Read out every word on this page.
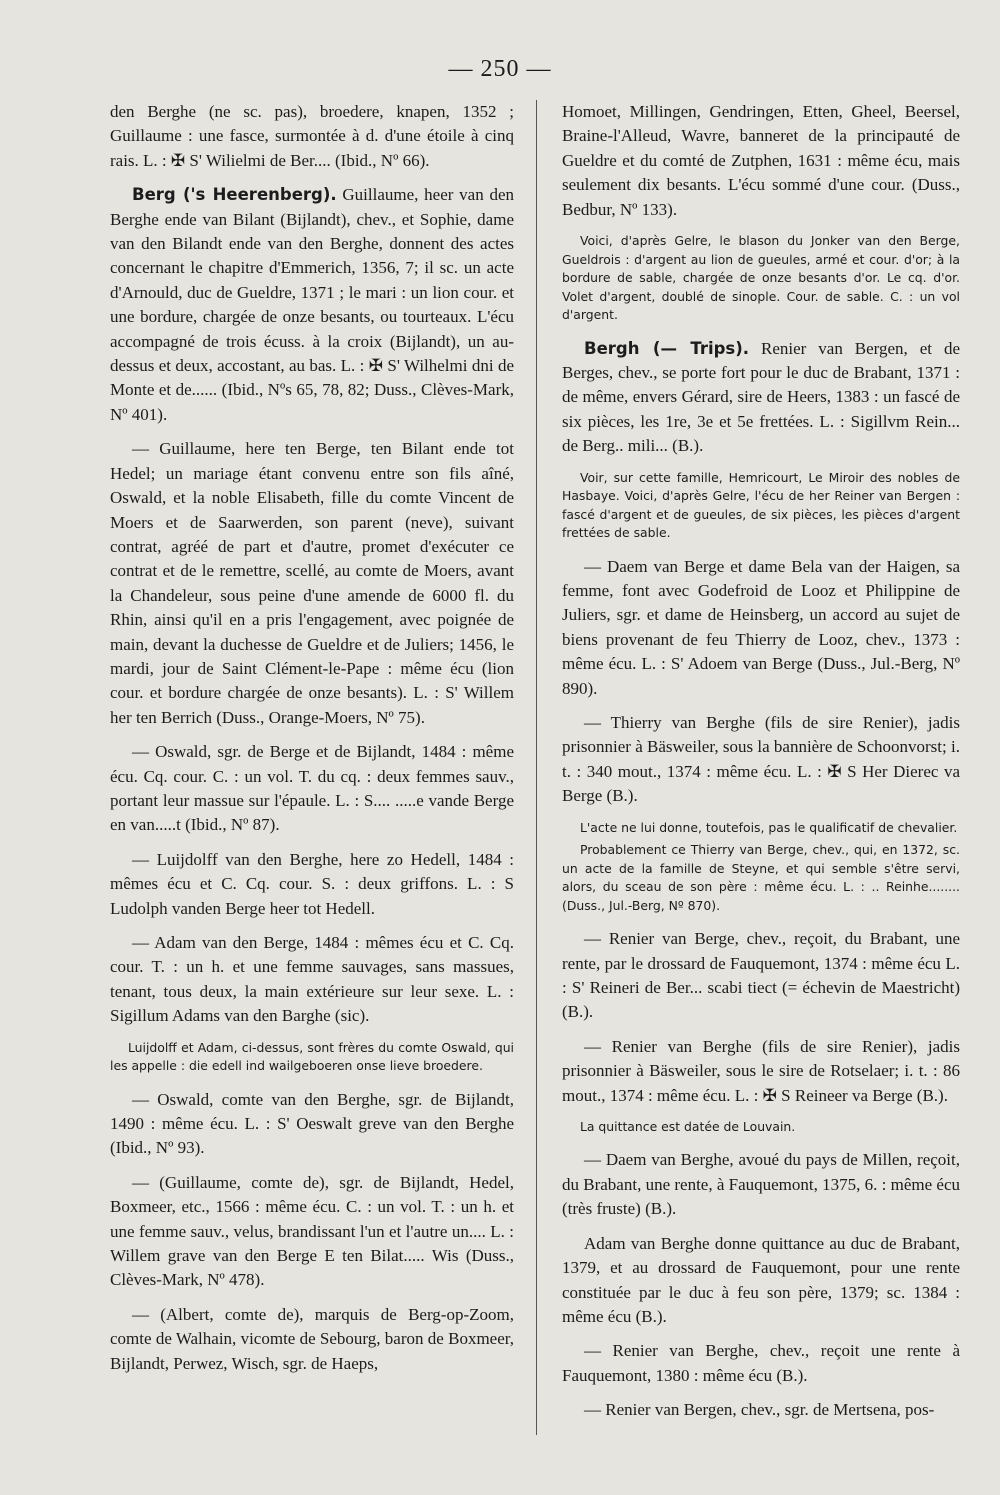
— 250 —

den Berghe (ne sc. pas), broedere, knapen, 1352 ; Guillaume : une fasce, surmontée à d. d'une étoile à cinq rais. L. : ✠ S' Wilielmi de Ber.... (Ibid., Nº 66).

Berg ('s Heerenberg). Guillaume, heer van den Berghe ende van Bilant (Bijlandt), chev., et Sophie, dame van den Bilandt ende van den Berghe, donnent des actes concernant le chapitre d'Emmerich, 1356, 7; il sc. un acte d'Arnould, duc de Gueldre, 1371 ; le mari : un lion cour. et une bordure, chargée de onze besants, ou tourteaux. L'écu accompagné de trois écuss. à la croix (Bijlandt), un au-dessus et deux, accostant, au bas. L. : ✠ S' Wilhelmi dni de Monte et de...... (Ibid., Nºs 65, 78, 82; Duss., Clèves-Mark, Nº 401).

— Guillaume, here ten Berge, ten Bilant ende tot Hedel; un mariage étant convenu entre son fils aîné, Oswald, et la noble Elisabeth, fille du comte Vincent de Moers et de Saarwerden, son parent (neve), suivant contrat, agréé de part et d'autre, promet d'exécuter ce contrat et de le remettre, scellé, au comte de Moers, avant la Chandeleur, sous peine d'une amende de 6000 fl. du Rhin, ainsi qu'il en a pris l'engagement, avec poignée de main, devant la duchesse de Gueldre et de Juliers; 1456, le mardi, jour de Saint Clément-le-Pape : même écu (lion cour. et bordure chargée de onze besants). L. : S' Willem her ten Berrich (Duss., Orange-Moers, Nº 75).

— Oswald, sgr. de Berge et de Bijlandt, 1484 : même écu. Cq. cour. C. : un vol. T. du cq. : deux femmes sauv., portant leur massue sur l'épaule. L. : S.... .....e vande Berge en van.....t (Ibid., Nº 87).

— Luijdolff van den Berghe, here zo Hedell, 1484 : mêmes écu et C. Cq. cour. S. : deux griffons. L. : S Ludolph vanden Berge heer tot Hedell.

— Adam van den Berge, 1484 : mêmes écu et C. Cq. cour. T. : un h. et une femme sauvages, sans massues, tenant, tous deux, la main extérieure sur leur sexe. L. : Sigillum Adams van den Barghe (sic).

Luijdolff et Adam, ci-dessus, sont frères du comte Oswald, qui les appelle : die edell ind wailgeboeren onse lieve broedere.

— Oswald, comte van den Berghe, sgr. de Bijlandt, 1490 : même écu. L. : S' Oeswalt greve van den Berghe (Ibid., Nº 93).

— (Guillaume, comte de), sgr. de Bijlandt, Hedel, Boxmeer, etc., 1566 : même écu. C. : un vol. T. : un h. et une femme sauv., velus, brandissant l'un et l'autre un.... L. : Willem grave van den Berge E ten Bilat..... Wis (Duss., Clèves-Mark, Nº 478).

— (Albert, comte de), marquis de Berg-op-Zoom, comte de Walhain, vicomte de Sebourg, baron de Boxmeer, Bijlandt, Perwez, Wisch, sgr. de Haeps,

Homoet, Millingen, Gendringen, Etten, Gheel, Beersel, Braine-l'Alleud, Wavre, banneret de la principauté de Gueldre et du comté de Zutphen, 1631 : même écu, mais seulement dix besants. L'écu sommé d'une cour. (Duss., Bedbur, Nº 133).

Voici, d'après Gelre, le blason du Jonker van den Berge, Gueldrois : d'argent au lion de gueules, armé et cour. d'or; à la bordure de sable, chargée de onze besants d'or. Le cq. d'or. Volet d'argent, doublé de sinople. Cour. de sable. C. : un vol d'argent.

Bergh (— Trips). Renier van Bergen, et de Berges, chev., se porte fort pour le duc de Brabant, 1371 : de même, envers Gérard, sire de Heers, 1383 : un fascé de six pièces, les 1re, 3e et 5e frettées. L. : Sigillvm Rein... de Berg.. mili... (B.).

Voir, sur cette famille, Hemricourt, Le Miroir des nobles de Hasbaye. Voici, d'après Gelre, l'écu de her Reiner van Bergen : fascé d'argent et de gueules, de six pièces, les pièces d'argent frettées de sable.

— Daem van Berge et dame Bela van der Haigen, sa femme, font avec Godefroid de Looz et Philippine de Juliers, sgr. et dame de Heinsberg, un accord au sujet de biens provenant de feu Thierry de Looz, chev., 1373 : même écu. L. : S' Adoem van Berge (Duss., Jul.-Berg, Nº 890).

— Thierry van Berghe (fils de sire Renier), jadis prisonnier à Bäsweiler, sous la bannière de Schoonvorst; i. t. : 340 mout., 1374 : même écu. L. : ✠ S Her Dierec va Berge (B.).

L'acte ne lui donne, toutefois, pas le qualificatif de chevalier.

Probablement ce Thierry van Berge, chev., qui, en 1372, sc. un acte de la famille de Steyne, et qui semble s'être servi, alors, du sceau de son père : même écu. L. : .. Reinhe........ (Duss., Jul.-Berg, Nº 870).

— Renier van Berge, chev., reçoit, du Brabant, une rente, par le drossard de Fauquemont, 1374 : même écu L. : S' Reineri de Ber... scabi tiect (= échevin de Maestricht) (B.).

— Renier van Berghe (fils de sire Renier), jadis prisonnier à Bäsweiler, sous le sire de Rotselaer; i. t. : 86 mout., 1374 : même écu. L. : ✠ S Reineer va Berge (B.).

La quittance est datée de Louvain.

— Daem van Berghe, avoué du pays de Millen, reçoit, du Brabant, une rente, à Fauquemont, 1375, 6. : même écu (très fruste) (B.).

Adam van Berghe donne quittance au duc de Brabant, 1379, et au drossard de Fauquemont, pour une rente constituée par le duc à feu son père, 1379; sc. 1384 : même écu (B.).

— Renier van Berghe, chev., reçoit une rente à Fauquemont, 1380 : même écu (B.).

— Renier van Bergen, chev., sgr. de Mertsena, pos-
